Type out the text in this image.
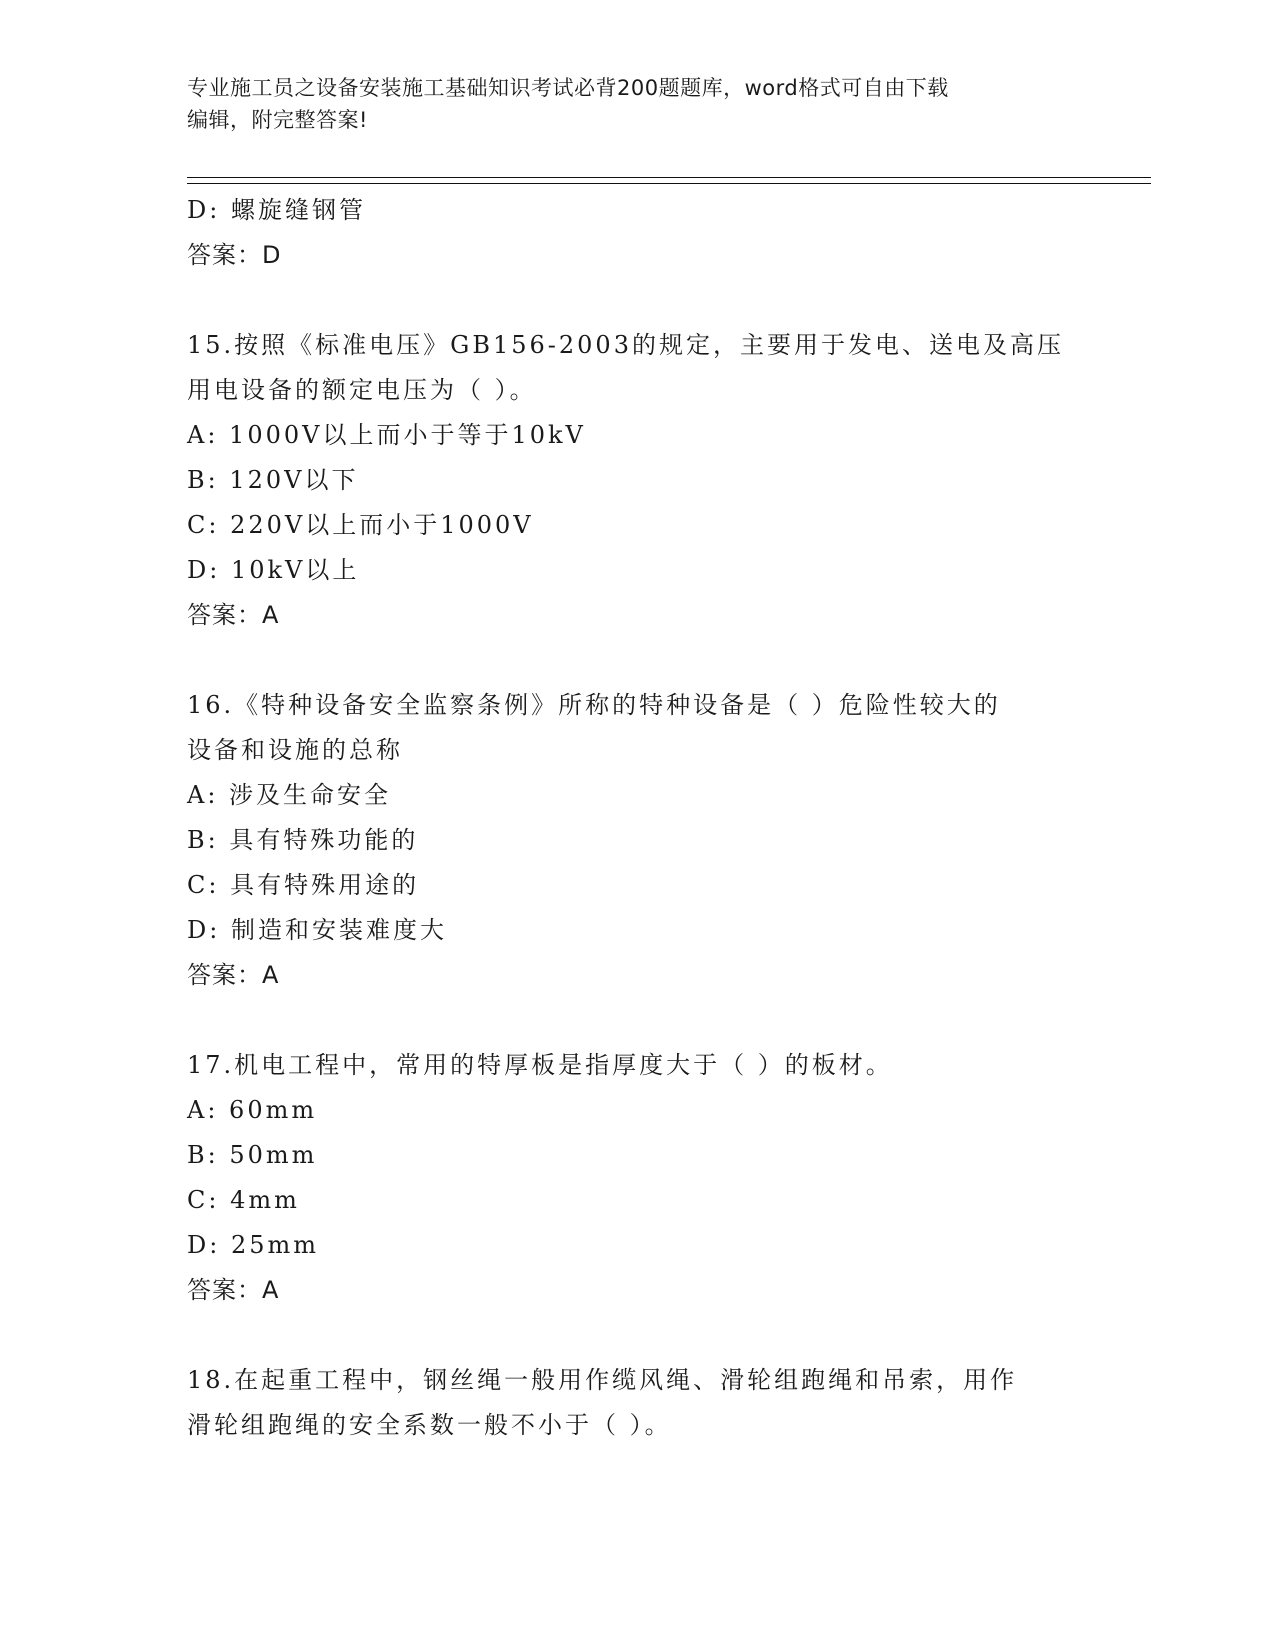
专业施工员之设备安装施工基础知识考试必背200题题库，word格式可自由下载
编辑，附完整答案!
D: 螺旋缝钢管
答案：D
15.按照《标准电压》GB156-2003的规定，主要用于发电、送电及高压
用电设备的额定电压为（ ）。
A: 1000V以上而小于等于10kV
B: 120V以下
C: 220V以上而小于1000V
D: 10kV以上
答案：A
16.《特种设备安全监察条例》所称的特种设备是（ ）危险性较大的
设备和设施的总称
A: 涉及生命安全
B: 具有特殊功能的
C: 具有特殊用途的
D: 制造和安装难度大
答案：A
17.机电工程中，常用的特厚板是指厚度大于（ ）的板材。
A: 60mm
B: 50mm
C: 4mm
D: 25mm
答案：A
18.在起重工程中，钢丝绳一般用作缆风绳、滑轮组跑绳和吊索，用作
滑轮组跑绳的安全系数一般不小于（ ）。
